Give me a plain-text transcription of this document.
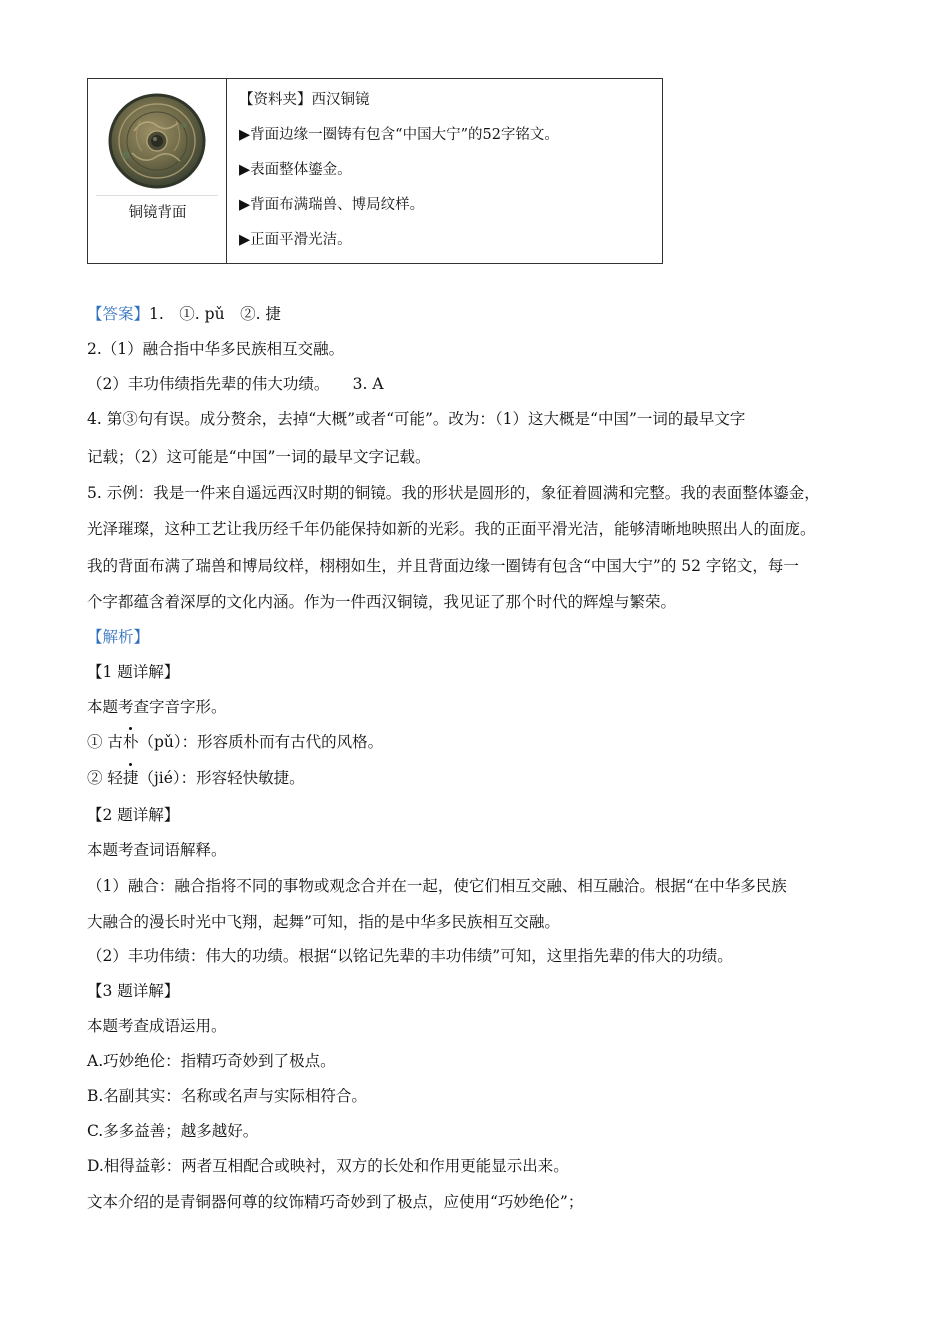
铜镜背面
【资料夹】西汉铜镜
▶背面边缘一圈铸有包含“中国大宁”的52字铭文。
▶表面整体鎏金。
▶背面布满瑞兽、博局纹样。
▶正面平滑光洁。
【答案】1.　①. pǔ　②. 捷
2.（1）融合指中华多民族相互交融。
（2）丰功伟绩指先辈的伟大功绩。　　3. A
4. 第③句有误。成分赘余，去掉“大概”或者“可能”。改为：（1）这大概是“中国”一词的最早文字
记载；（2）这可能是“中国”一词的最早文字记载。
5. 示例：我是一件来自遥远西汉时期的铜镜。我的形状是圆形的，象征着圆满和完整。我的表面整体鎏金，
光泽璀璨，这种工艺让我历经千年仍能保持如新的光彩。我的正面平滑光洁，能够清晰地映照出人的面庞。
我的背面布满了瑞兽和博局纹样，栩栩如生，并且背面边缘一圈铸有包含“中国大宁”的 52 字铭文，每一
个字都蕴含着深厚的文化内涵。作为一件西汉铜镜，我见证了那个时代的辉煌与繁荣。
【解析】
【1 题详解】
本题考查字音字形。
① 古朴（pǔ）：形容质朴而有古代的风格。
② 轻捷（jié）：形容轻快敏捷。
【2 题详解】
本题考查词语解释。
（1）融合：融合指将不同的事物或观念合并在一起，使它们相互交融、相互融洽。根据“在中华多民族
大融合的漫长时光中飞翔，起舞”可知，指的是中华多民族相互交融。
（2）丰功伟绩：伟大的功绩。根据“以铭记先辈的丰功伟绩”可知，这里指先辈的伟大的功绩。
【3 题详解】
本题考查成语运用。
A.巧妙绝伦：指精巧奇妙到了极点。
B.名副其实：名称或名声与实际相符合。
C.多多益善；越多越好。
D.相得益彰：两者互相配合或映衬，双方的长处和作用更能显示出来。
文本介绍的是青铜器何尊的纹饰精巧奇妙到了极点，应使用“巧妙绝伦”；
